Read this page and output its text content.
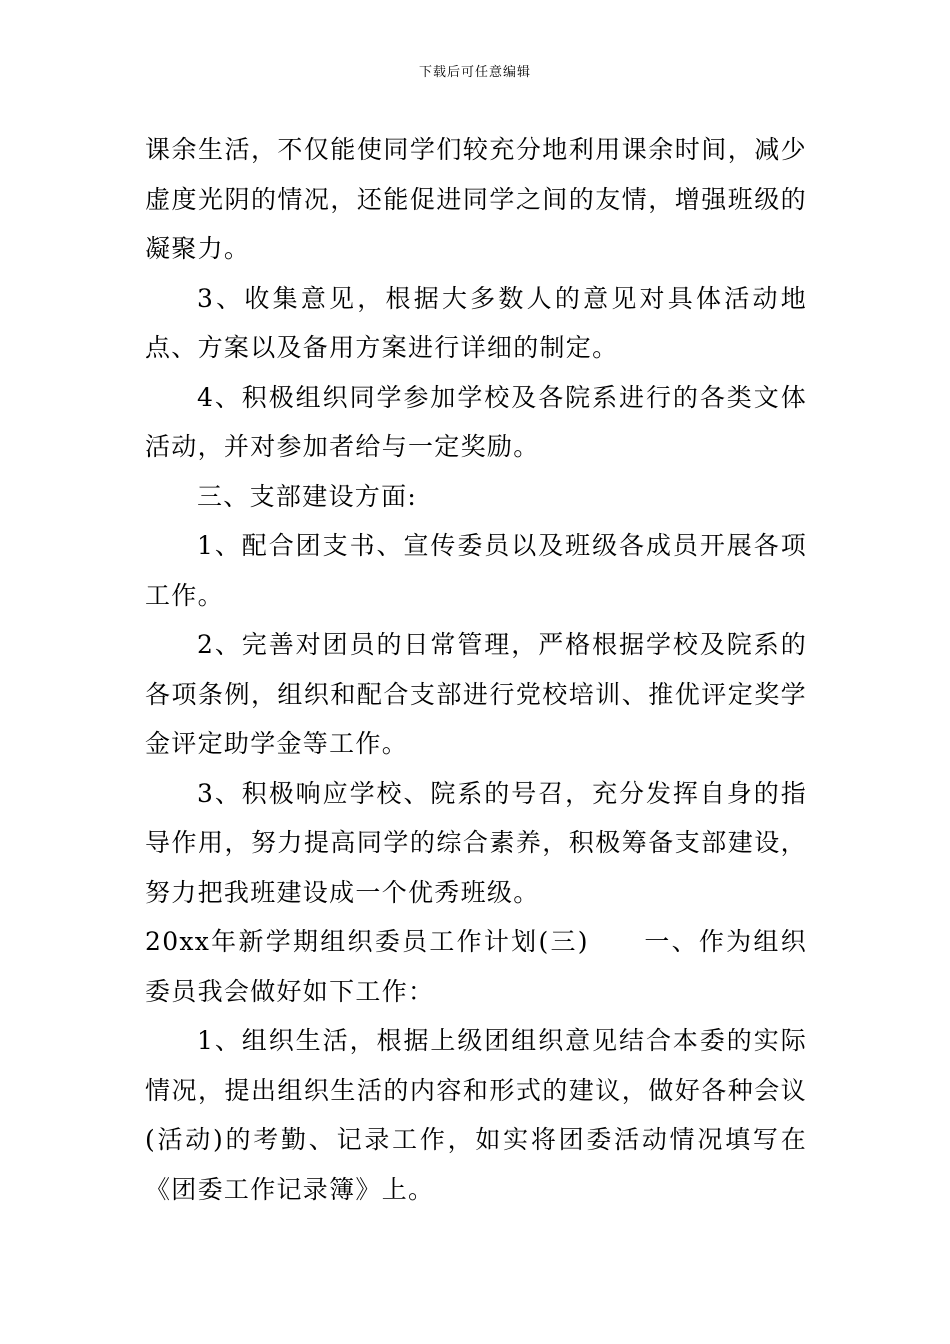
下载后可任意编辑

课余生活，不仅能使同学们较充分地利用课余时间，减少虚度光阴的情况，还能促进同学之间的友情，增强班级的凝聚力。

3、收集意见，根据大多数人的意见对具体活动地点、方案以及备用方案进行详细的制定。

4、积极组织同学参加学校及各院系进行的各类文体活动，并对参加者给与一定奖励。

三、支部建设方面:

1、配合团支书、宣传委员以及班级各成员开展各项工作。

2、完善对团员的日常管理，严格根据学校及院系的各项条例，组织和配合支部进行党校培训、推优评定奖学金评定助学金等工作。

3、积极响应学校、院系的号召，充分发挥自身的指导作用，努力提高同学的综合素养，积极筹备支部建设，努力把我班建设成一个优秀班级。

20xx年新学期组织委员工作计划(三)　　一、作为组织委员我会做好如下工作：

1、组织生活，根据上级团组织意见结合本委的实际情况，提出组织生活的内容和形式的建议，做好各种会议(活动)的考勤、记录工作，如实将团委活动情况填写在《团委工作记录簿》上。
